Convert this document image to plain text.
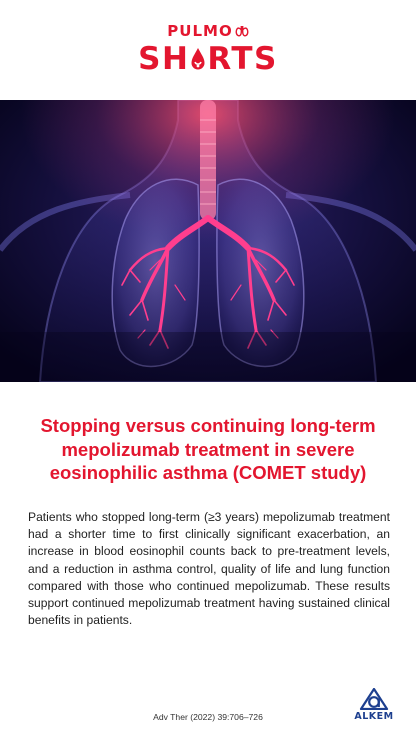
PULMO
SH RTS
Stopping versus continuing long-term mepolizumab treatment in severe eosinophilic asthma (COMET study)
Patients who stopped long-term (≥3 years) mepolizumab treatment had a shorter time to first clinically significant exacerbation, an increase in blood eosinophil counts back to pre-treatment levels, and a reduction in asthma control, quality of life and lung function compared with those who continued mepolizumab. These results support continued mepolizumab treatment having sustained clinical benefits in patients.
Adv Ther (2022) 39:706–726	ALKEM
